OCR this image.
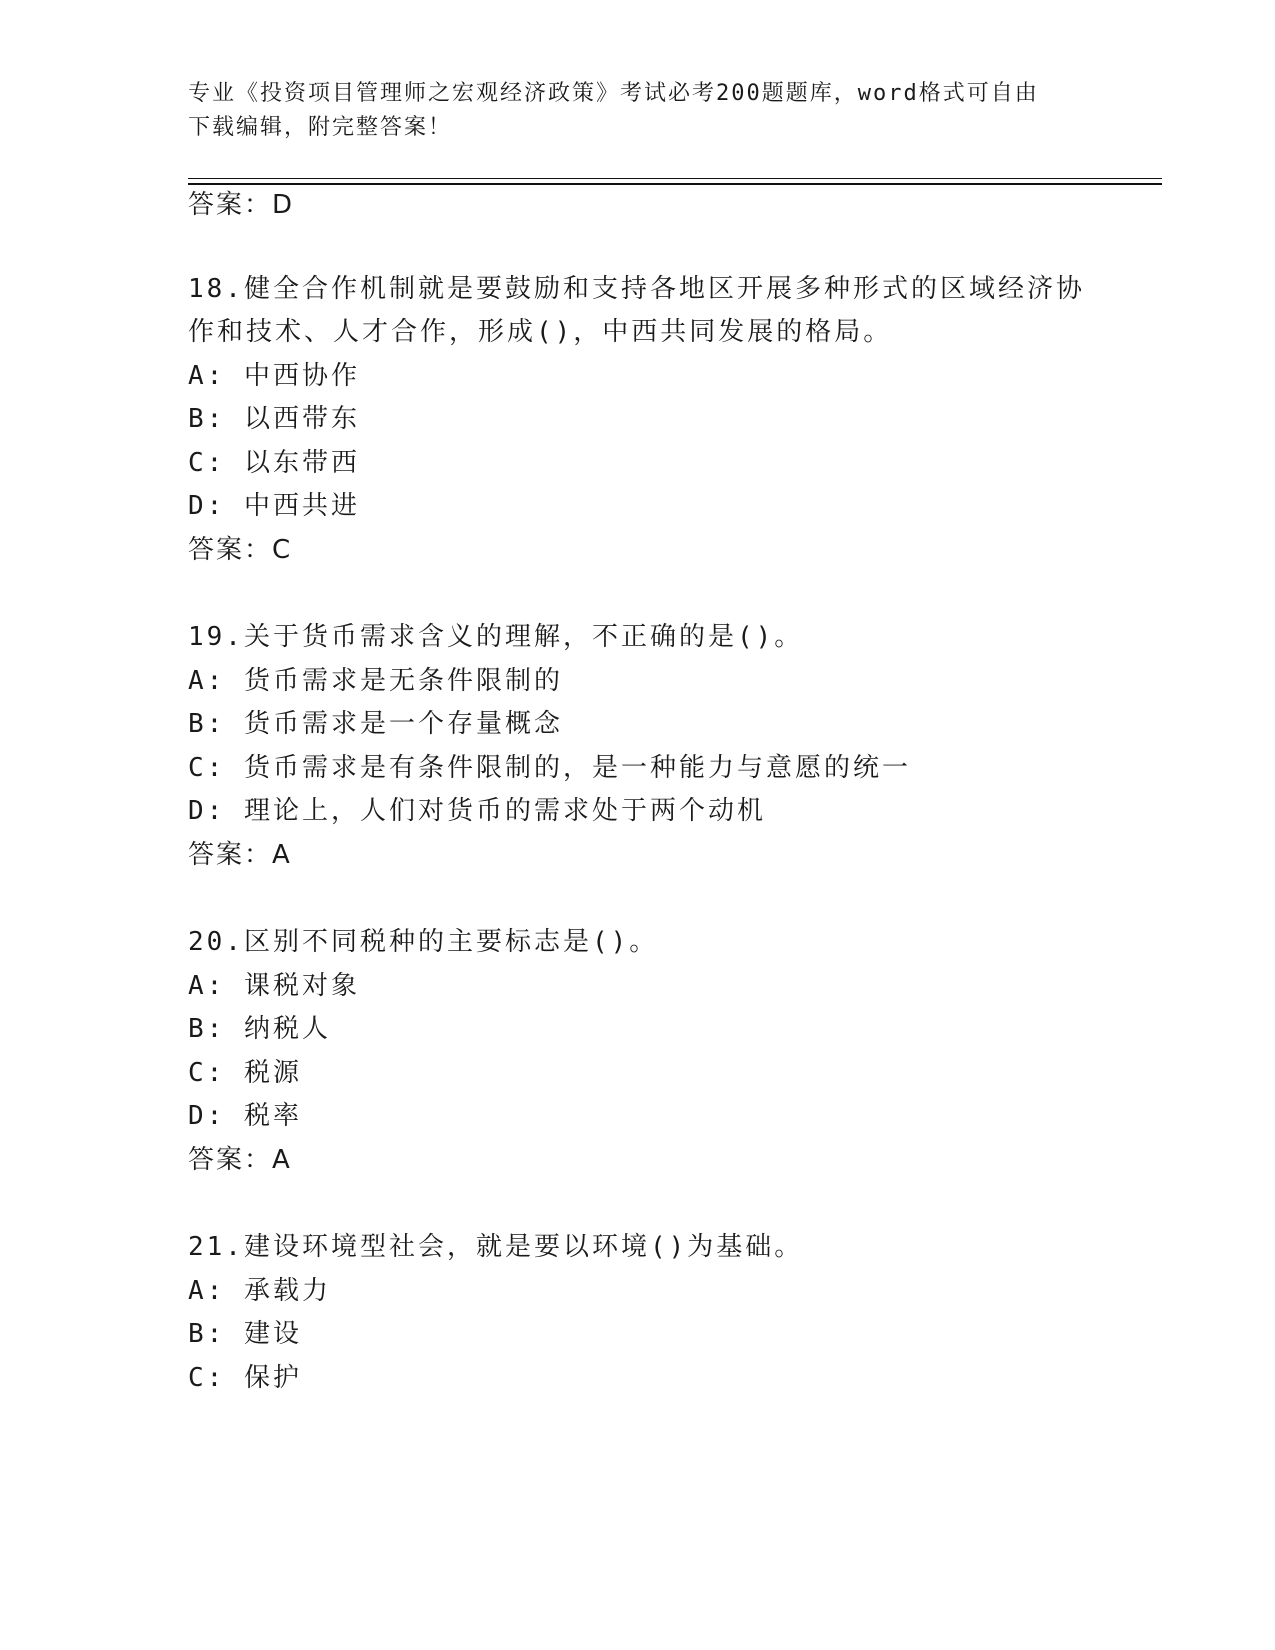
专业《投资项目管理师之宏观经济政策》考试必考200题题库，word格式可自由
下载编辑，附完整答案！
答案：D
18.健全合作机制就是要鼓励和支持各地区开展多种形式的区域经济协
作和技术、人才合作，形成()，中西共同发展的格局。
A: 中西协作
B: 以西带东
C: 以东带西
D: 中西共进
答案：C
19.关于货币需求含义的理解，不正确的是()。
A: 货币需求是无条件限制的
B: 货币需求是一个存量概念
C: 货币需求是有条件限制的，是一种能力与意愿的统一
D: 理论上，人们对货币的需求处于两个动机
答案：A
20.区别不同税种的主要标志是()。
A: 课税对象
B: 纳税人
C: 税源
D: 税率
答案：A
21.建设环境型社会，就是要以环境()为基础。
A: 承载力
B: 建设
C: 保护
